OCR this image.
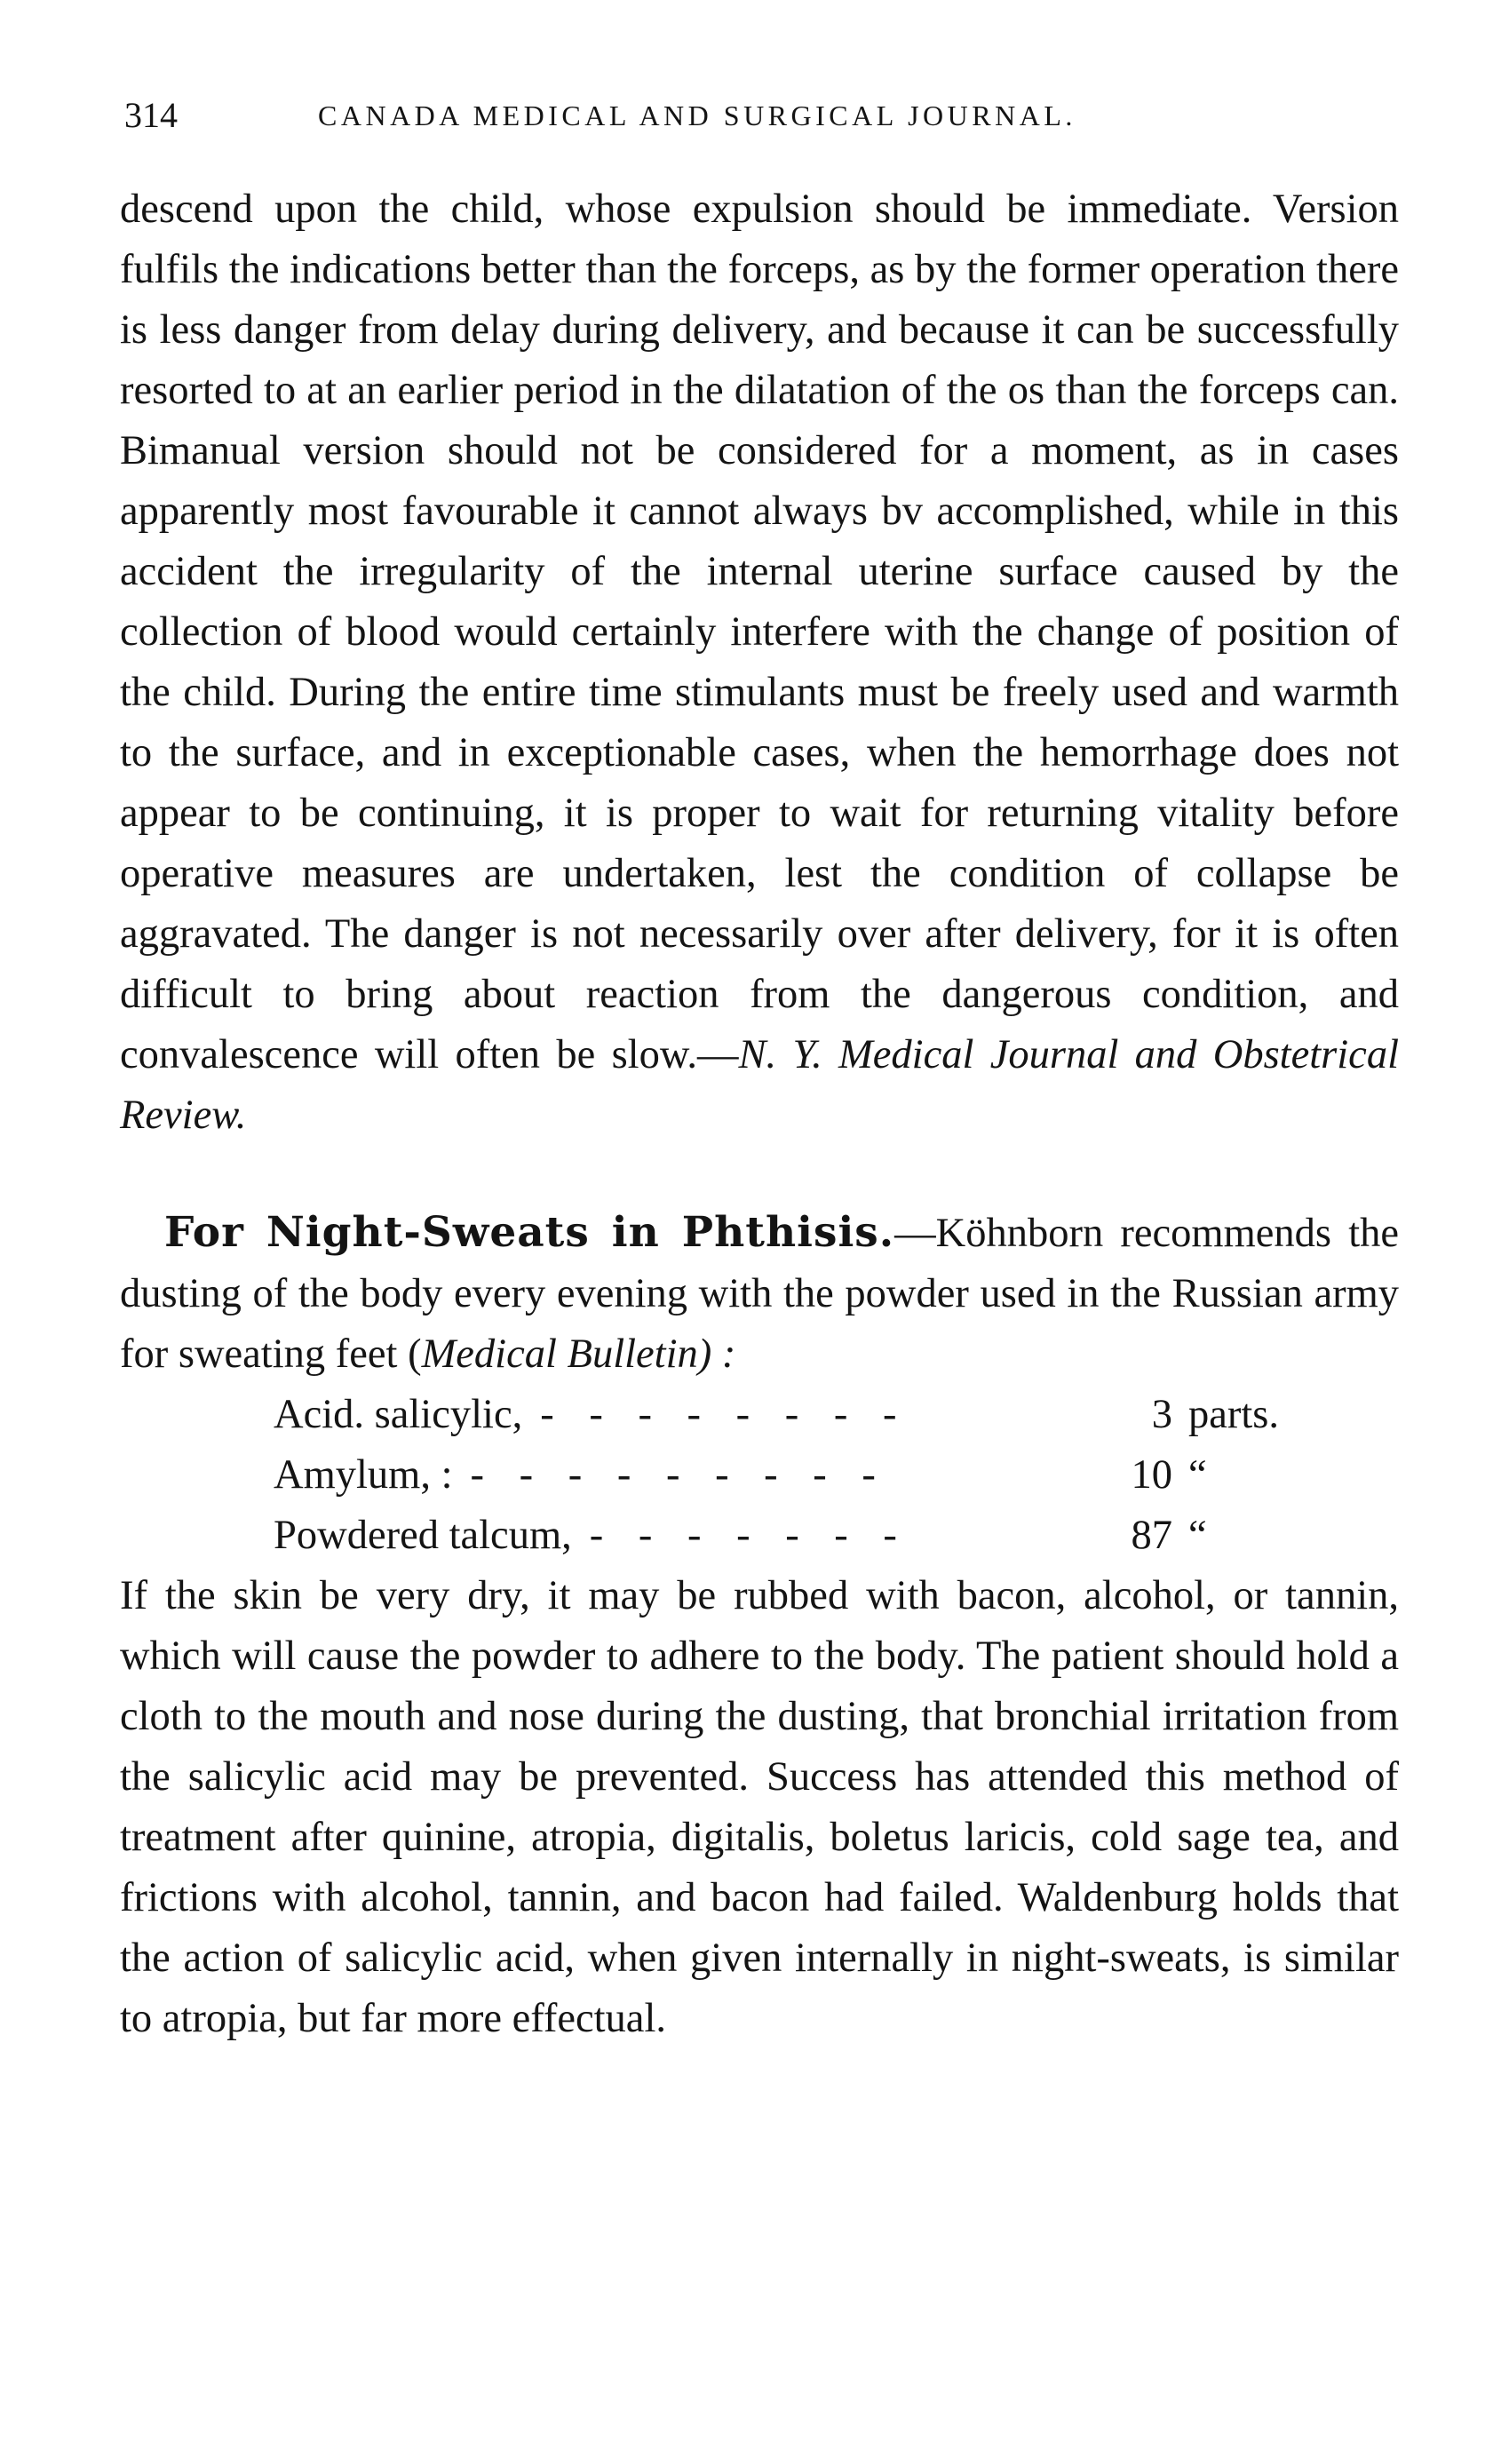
314	CANADA MEDICAL AND SURGICAL JOURNAL.

descend upon the child, whose expulsion should be immediate. Version fulfils the indications better than the forceps, as by the former operation there is less danger from delay during delivery, and because it can be successfully resorted to at an earlier period in the dilatation of the os than the forceps can. Bimanual version should not be considered for a moment, as in cases apparently most favourable it cannot always bv accomplished, while in this accident the irregularity of the internal uterine surface caused by the collection of blood would certainly interfere with the change of position of the child. During the entire time stimulants must be freely used and warmth to the surface, and in exceptionable cases, when the hemorrhage does not appear to be continuing, it is proper to wait for returning vitality before operative measures are undertaken, lest the condition of collapse be aggravated. The danger is not necessarily over after delivery, for it is often difficult to bring about reaction from the dangerous condition, and convalescence will often be slow.—N. Y. Medical Journal and Obstetrical Review.

For Night-Sweats in Phthisis.—Köhnborn recommends the dusting of the body every evening with the powder used in the Russian army for sweating feet (Medical Bulletin) :

Acid. salicylic, - - - - - - - -	3 parts.
Amylum, : - - - - - - - - -	10 “
Powdered talcum, - - - - - - -	87 “

If the skin be very dry, it may be rubbed with bacon, alcohol, or tannin, which will cause the powder to adhere to the body. The patient should hold a cloth to the mouth and nose during the dusting, that bronchial irritation from the salicylic acid may be prevented. Success has attended this method of treatment after quinine, atropia, digitalis, boletus laricis, cold sage tea, and frictions with alcohol, tannin, and bacon had failed. Waldenburg holds that the action of salicylic acid, when given internally in night-sweats, is similar to atropia, but far more effectual.
